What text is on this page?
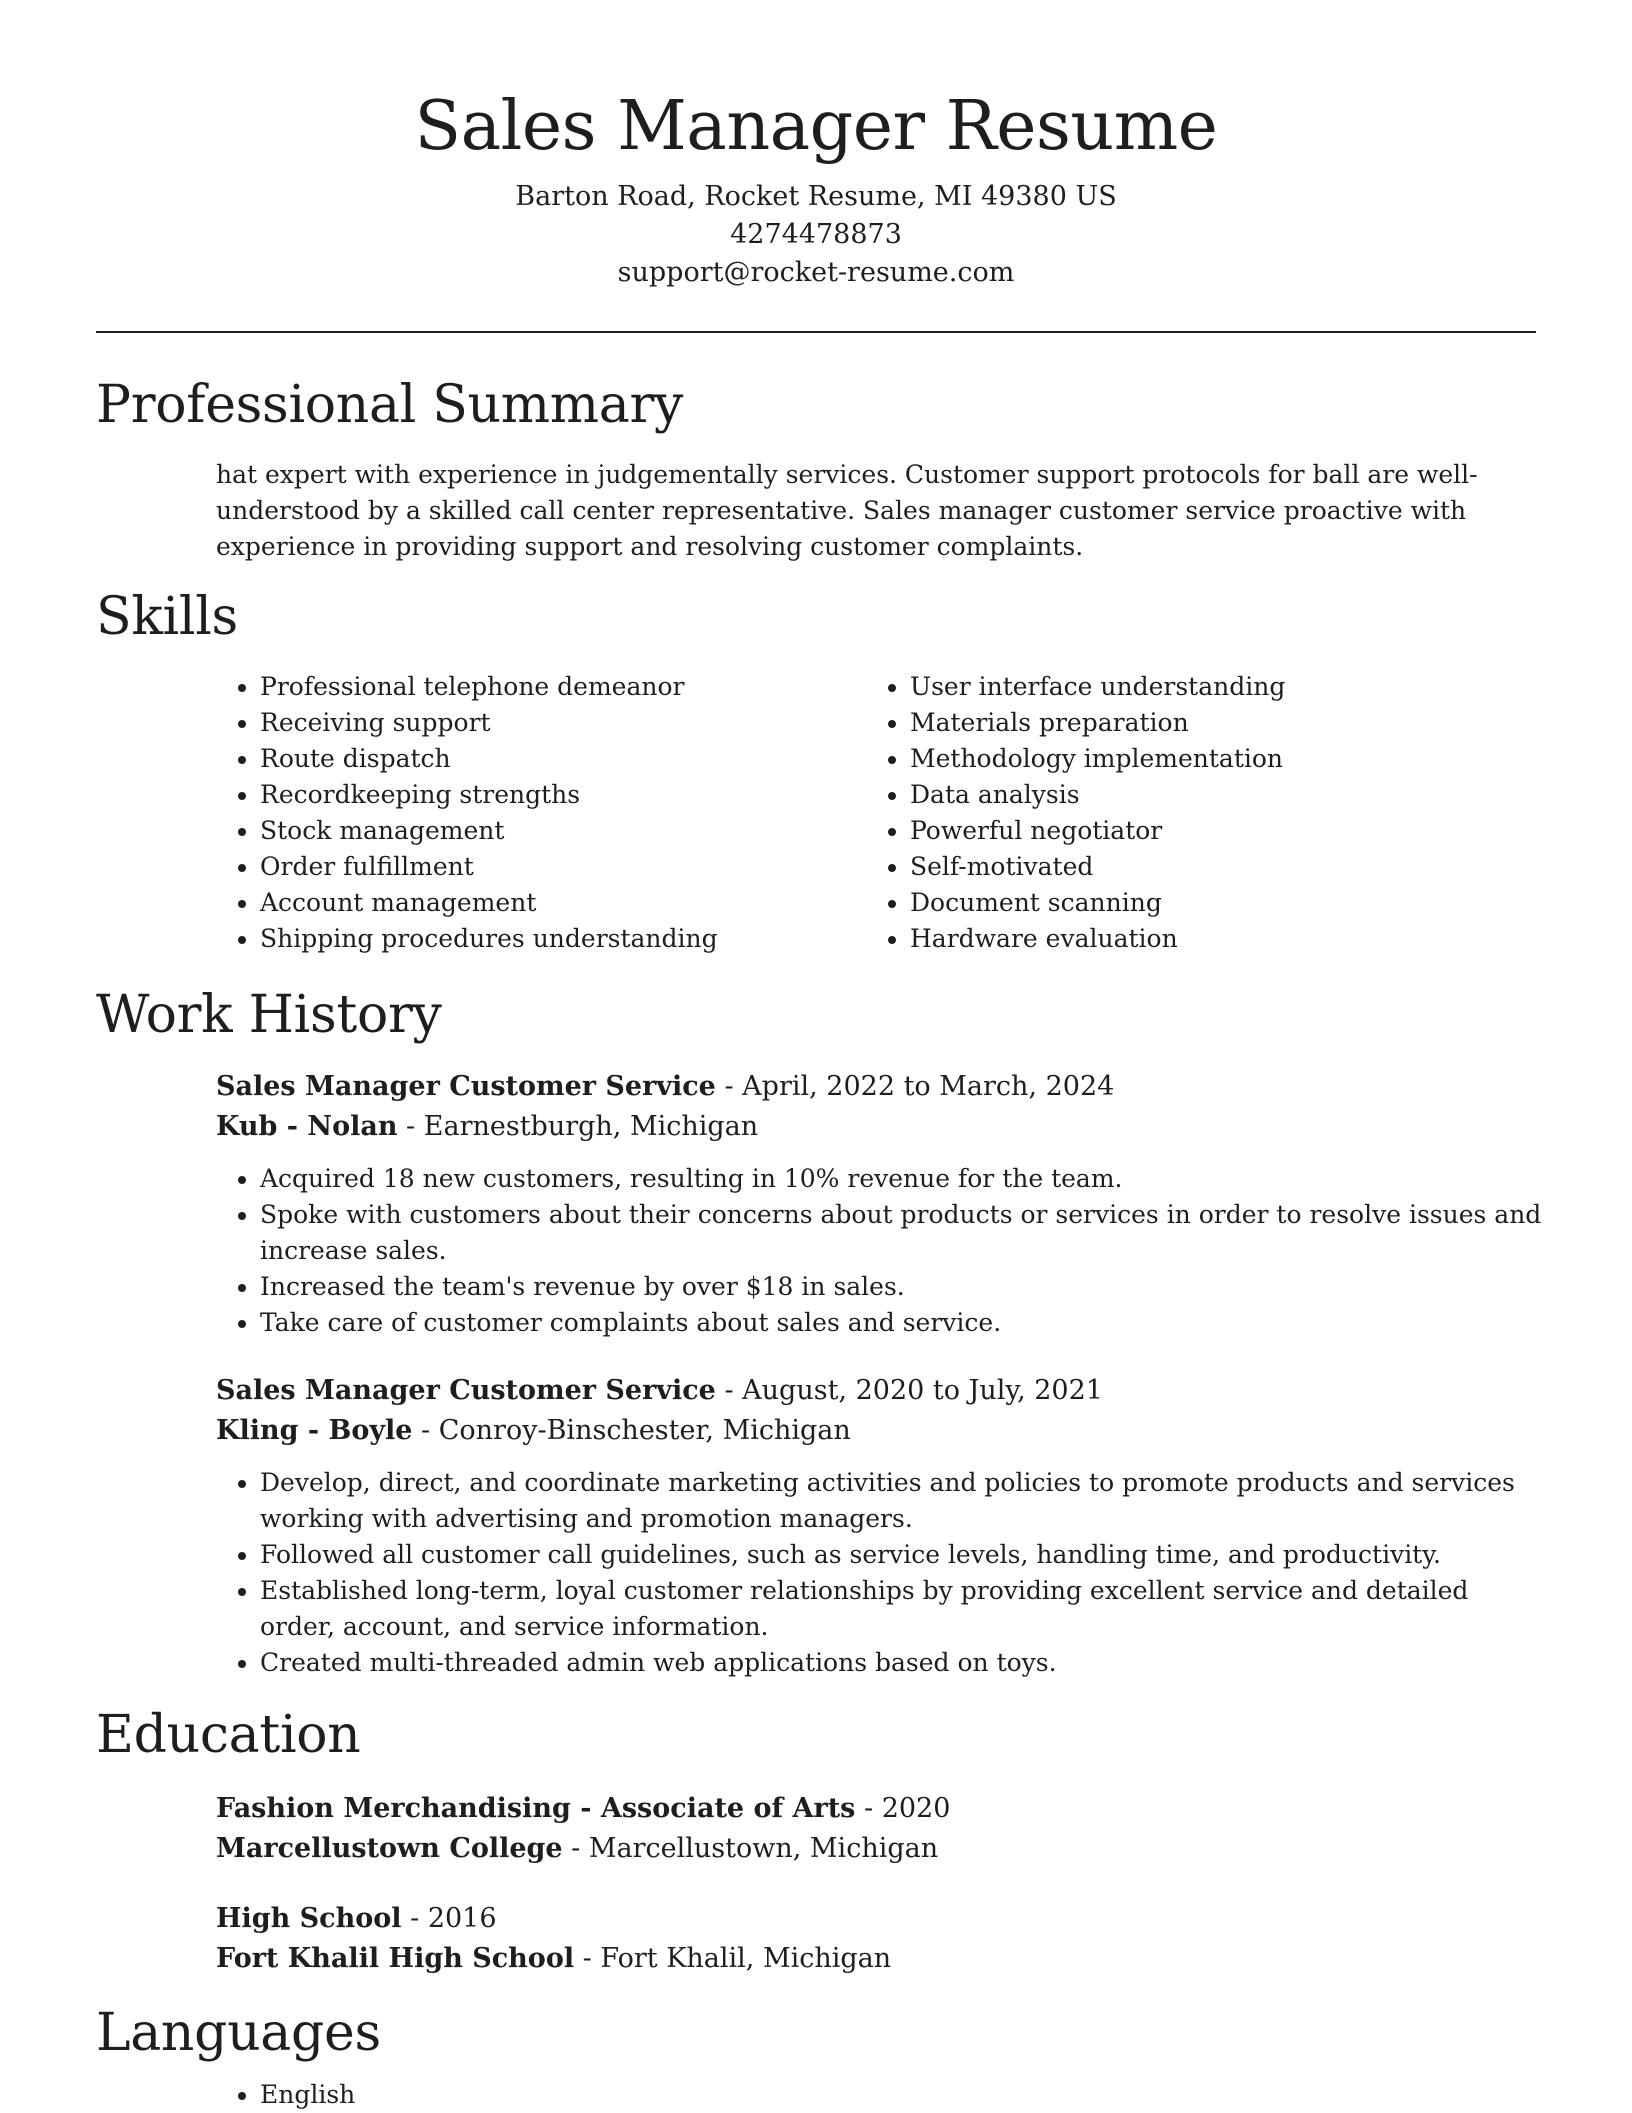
Sales Manager Resume
Barton Road, Rocket Resume, MI 49380 US
4274478873
support@rocket-resume.com
Professional Summary
hat expert with experience in judgementally services. Customer support protocols for ball are well-understood by a skilled call center representative. Sales manager customer service proactive with experience in providing support and resolving customer complaints.
Skills
• Professional telephone demeanor
• Receiving support
• Route dispatch
• Recordkeeping strengths
• Stock management
• Order fulfillment
• Account management
• Shipping procedures understanding
• User interface understanding
• Materials preparation
• Methodology implementation
• Data analysis
• Powerful negotiator
• Self-motivated
• Document scanning
• Hardware evaluation
Work History
Sales Manager Customer Service - April, 2022 to March, 2024
Kub - Nolan - Earnestburgh, Michigan
• Acquired 18 new customers, resulting in 10% revenue for the team.
• Spoke with customers about their concerns about products or services in order to resolve issues and increase sales.
• Increased the team's revenue by over $18 in sales.
• Take care of customer complaints about sales and service.
Sales Manager Customer Service - August, 2020 to July, 2021
Kling - Boyle - Conroy-Binschester, Michigan
• Develop, direct, and coordinate marketing activities and policies to promote products and services working with advertising and promotion managers.
• Followed all customer call guidelines, such as service levels, handling time, and productivity.
• Established long-term, loyal customer relationships by providing excellent service and detailed order, account, and service information.
• Created multi-threaded admin web applications based on toys.
Education
Fashion Merchandising - Associate of Arts - 2020
Marcellustown College - Marcellustown, Michigan
High School - 2016
Fort Khalil High School - Fort Khalil, Michigan
Languages
• English
